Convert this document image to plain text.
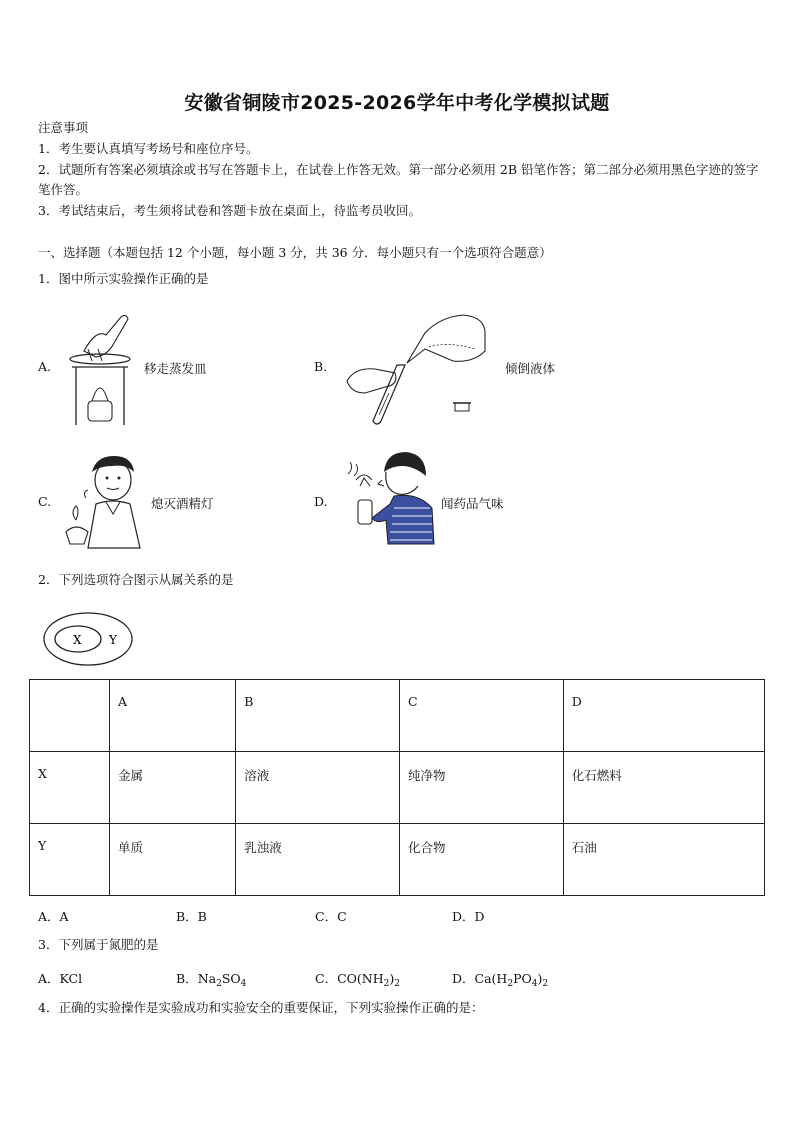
安徽省铜陵市2025-2026学年中考化学模拟试题
注意事项
1．考生要认真填写考场号和座位序号。
2．试题所有答案必须填涂或书写在答题卡上，在试卷上作答无效。第一部分必须用 2B 铅笔作答；第二部分必须用黑色字迹的签字笔作答。
3．考试结束后，考生须将试卷和答题卡放在桌面上，待监考员收回。
一、选择题（本题包括 12 个小题，每小题 3 分，共 36 分．每小题只有一个选项符合题意）
1．图中所示实验操作正确的是
A.	移走蒸发皿	B.	倾倒液体
C.	熄灭酒精灯	D.	闻药品气味
2．下列选项符合图示从属关系的是
X Y
	A	B	C	D
X	金属	溶液	纯净物	化石燃料
Y	单质	乳浊液	化合物	石油
A．A	B．B	C．C	D．D
3．下列属于氮肥的是
A．KCl	B．$Na_2SO_4$	C．$CO(NH_2)_2$	D．$Ca(H_2PO_4)_2$
4．正确的实验操作是实验成功和实验安全的重要保证，下列实验操作正确的是：
